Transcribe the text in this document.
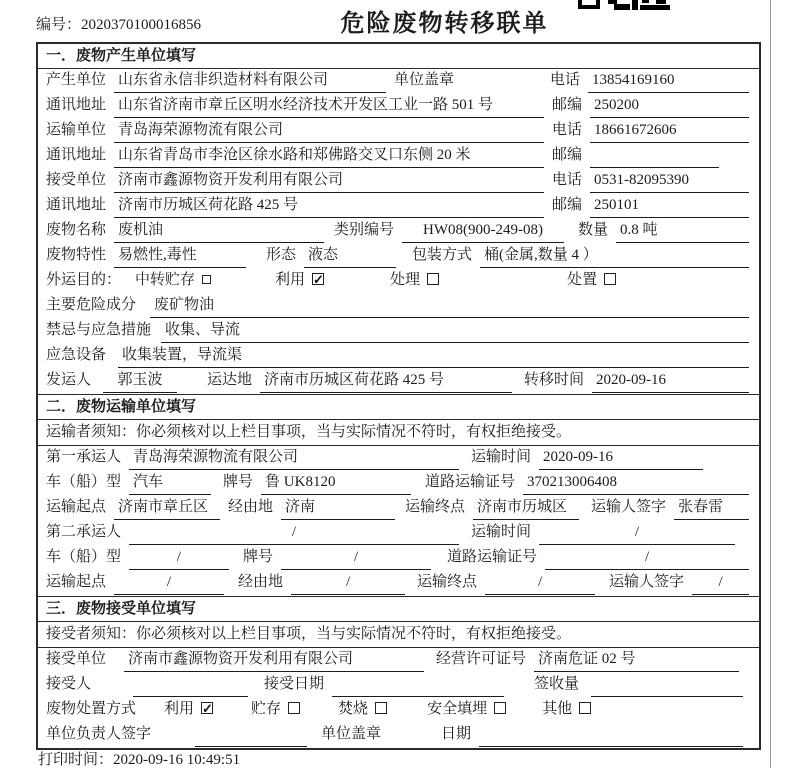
编号：2020370100016856	危险废物转移联单
一．废物产生单位填写
产生单位 山东省永信非织造材料有限公司	单位盖章	电话 13854169160
通讯地址 山东省济南市章丘区明水经济技术开发区工业一路 501 号	邮编 250200
运输单位 青岛海荣源物流有限公司	电话 18661672606
通讯地址 山东省青岛市李沧区徐水路和郑佛路交叉口东侧 20 米	邮编
接受单位 济南市鑫源物资开发利用有限公司	电话 0531-82095390
通讯地址 济南市历城区荷花路 425 号	邮编 250101
废物名称 废机油	类别编号	HW08(900-249-08)	数量 0.8 吨
废物特性 易燃性,毒性	形态 液态	包装方式 桶(金属,数量 4 ）
外运目的： 中转贮存	利用 ✓	处理	处置
主要危险成分 废矿物油
禁忌与应急措施 收集、导流
应急设备 收集装置，导流渠
发运人	郭玉波	运达地 济南市历城区荷花路 425 号	转移时间 2020-09-16
二．废物运输单位填写
运输者须知：你必须核对以上栏目事项，当与实际情况不符时，有权拒绝接受。
第一承运人 青岛海荣源物流有限公司	运输时间 2020-09-16
车（船）型 汽车	牌号 鲁 UK8120	道路运输证号 370213006408
运输起点 济南市章丘区	经由地 济南	运输终点 济南市历城区	运输人签字 张春雷
第二承运人	/	运输时间	/
车（船）型	/	牌号	/	道路运输证号	/
运输起点	/	经由地	/	运输终点	/	运输人签字	/
三．废物接受单位填写
接受者须知：你必须核对以上栏目事项，当与实际情况不符时，有权拒绝接受。
接受单位 济南市鑫源物资开发利用有限公司	经营许可证号 济南危证 02 号
接受人	接受日期	签收量
废物处置方式 利用 ✓	贮存	焚烧	安全填埋	其他
单位负责人签字	单位盖章	日期
打印时间：2020-09-16 10:49:51
